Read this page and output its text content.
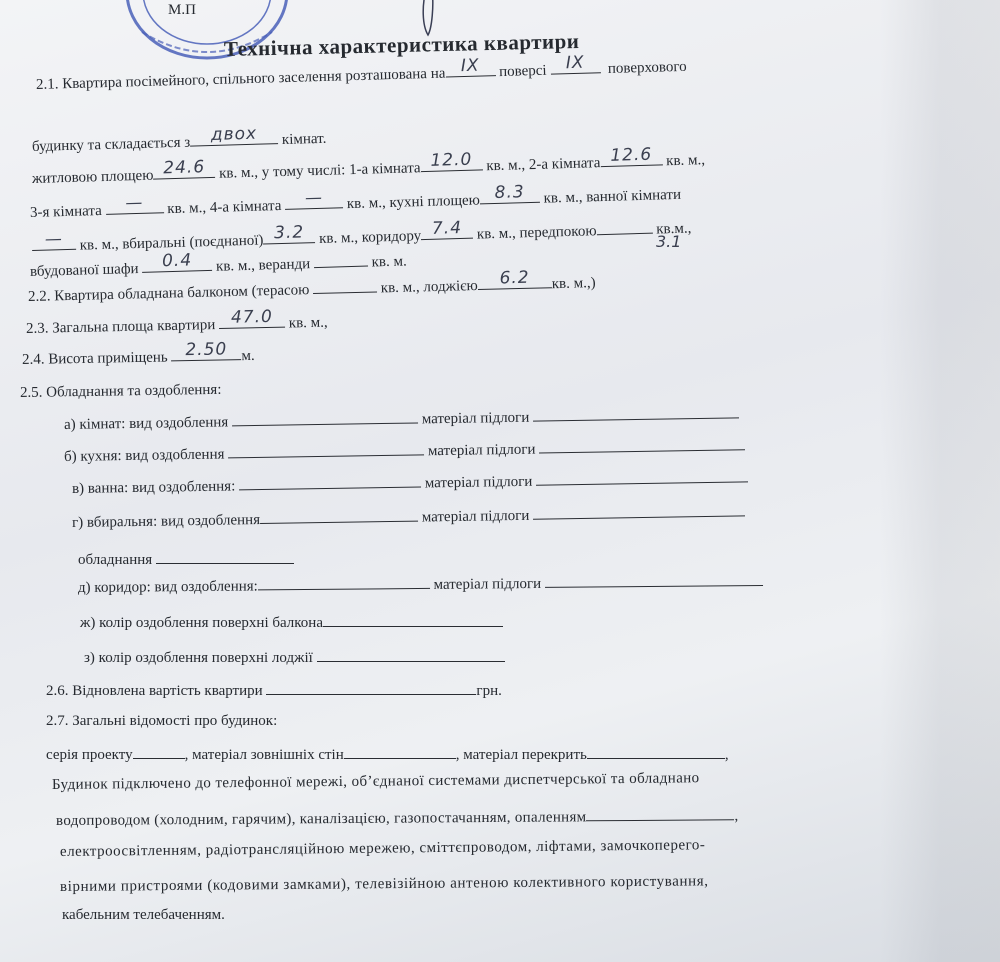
М.П
Технічна характеристика квартири
2.1. Квартира посімейного, спільного заселення розташована на IX	поверсі	IX	поверхового
будинку та складається з	двох	кімнат.
житловою площею 24.6 кв. м., у тому числі: 1-а кімната 12.0 кв. м., 2-а кімната 12.6 кв. м.,
3-я кімната	—	кв. м., 4-а кімната	—	кв. м., кухні площею 8.3	кв. м., ванної кімнати
—	кв. м., вбиральні (поєднаної) 3.2 кв. м., коридору 7.4 кв. м., передпокою	кв.м.,
вбудованої шафи	0.4	кв. м., веранди	кв. м.
3.1
2.2. Квартира обладнана балконом (терасою	кв. м., лоджією	6.2	кв. м.,)
2.3. Загальна площа квартири 47.0	кв. м.,
2.4. Висота приміщень	2.50 м.
2.5. Обладнання та оздоблення:
а) кімнат: вид оздоблення	матеріал підлоги
б) кухня: вид оздоблення	матеріал підлоги
в) ванна: вид оздоблення:	матеріал підлоги
г) вбиральня: вид оздоблення	матеріал підлоги
обладнання
д) коридор: вид оздоблення:	матеріал підлоги
ж) колір оздоблення поверхні балкона
з) колір оздоблення поверхні лоджії
2.6. Відновлена вартість квартири	грн.
2.7. Загальні відомості про будинок:
серія проекту	, матеріал зовнішніх стін	, матеріал перекрить	,
Будинок підключено до телефонної мережі, об’єднаної системами диспетчерської та обладнано
водопроводом (холодним, гарячим), каналізацією, газопостачанням, опаленням	,
електроосвітленням, радіотрансляційною мережею, сміттєпроводом, ліфтами, замочкоперего-
вірними пристроями (кодовими замками), телевізійною антеною колективного користування,
кабельним телебаченням.
